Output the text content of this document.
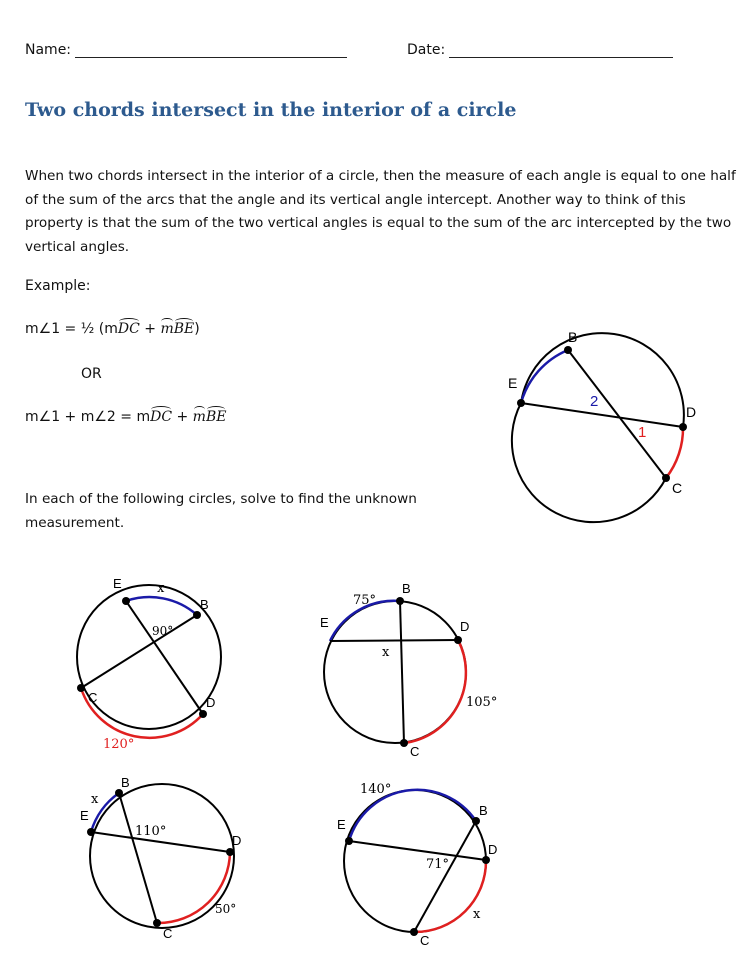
Name:	Date:
Two chords intersect in the interior of a circle
When two chords intersect in the interior of a circle, then the measure of each angle is equal to one half of the sum of the arcs that the angle and its vertical angle intercept. Another way to think of this property is that the sum of the two vertical angles is equal to the sum of the arc intercepted by the two vertical angles.
Example:
m∠1 = ½ (mDC + mBE)
OR
m∠1 + m∠2 = mDC + mBE
B
E
D
C
2
1
E	x
B
90°
C	D
120°
75°
B
E	D
x
105°
C
B
x
E
110°
D
50°
C
140°
B
E
D
71°
x
C
In each of the following circles, solve to find the unknown measurement.
